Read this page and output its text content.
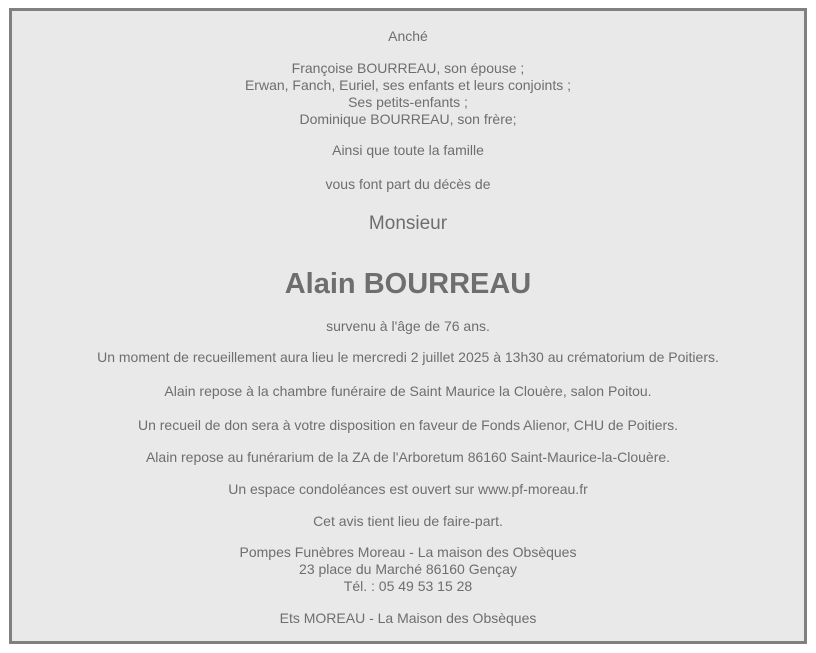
Anché
Françoise BOURREAU, son épouse ;
Erwan, Fanch, Euriel, ses enfants et leurs conjoints ;
Ses petits-enfants ;
Dominique BOURREAU, son frère;
Ainsi que toute la famille
vous font part du décès de
Monsieur
Alain BOURREAU
survenu à l'âge de 76 ans.
Un moment de recueillement aura lieu le mercredi 2 juillet 2025 à 13h30 au crématorium de Poitiers.
Alain repose à la chambre funéraire de Saint Maurice la Clouère, salon Poitou.
Un recueil de don sera à votre disposition en faveur de Fonds Alienor, CHU de Poitiers.
Alain repose au funérarium de la ZA de l'Arboretum 86160 Saint-Maurice-la-Clouère.
Un espace condoléances est ouvert sur www.pf-moreau.fr
Cet avis tient lieu de faire-part.
Pompes Funèbres Moreau - La maison des Obsèques
23 place du Marché 86160 Gençay
Tél. : 05 49 53 15 28
Ets MOREAU - La Maison des Obsèques
